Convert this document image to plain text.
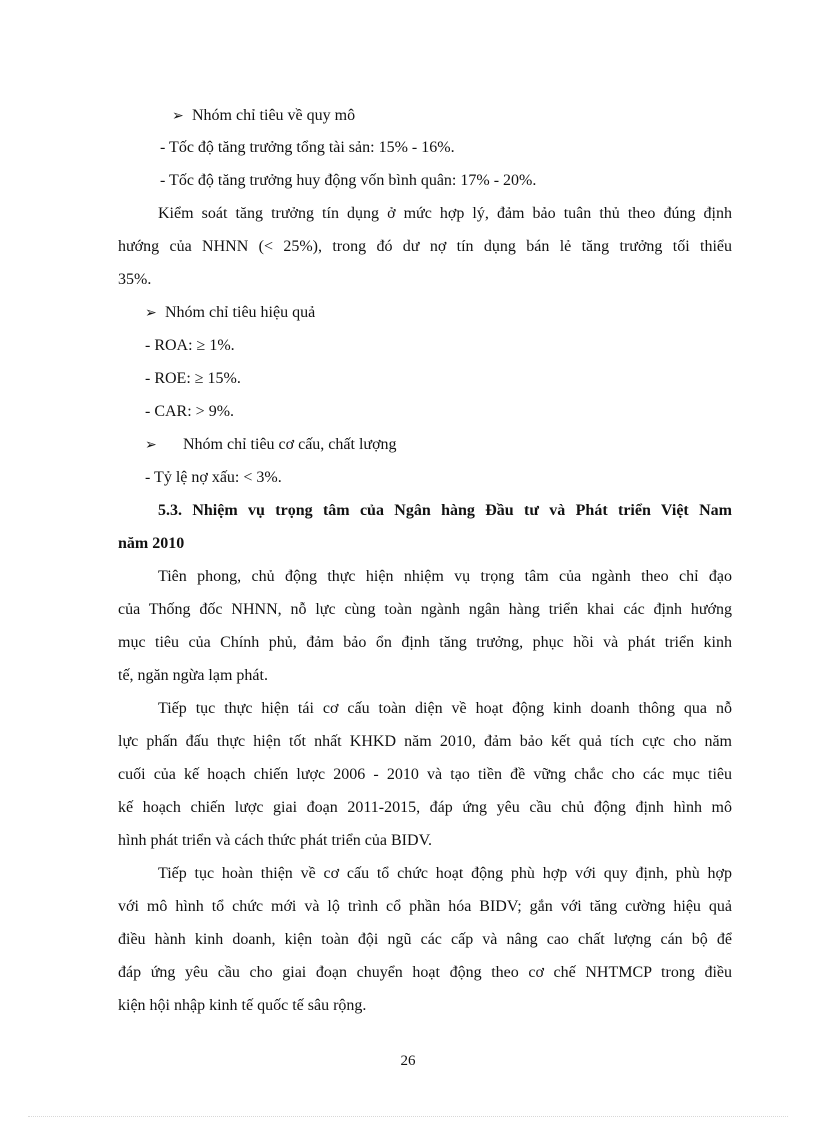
➢ Nhóm chỉ tiêu về quy mô
- Tốc độ tăng trưởng tổng tài sản: 15% - 16%.
- Tốc độ tăng trưởng huy động vốn bình quân: 17% - 20%.
Kiểm soát tăng trưởng tín dụng ở mức hợp lý, đảm bảo tuân thủ theo đúng định
hướng của NHNN (< 25%), trong đó dư nợ tín dụng bán lẻ tăng trưởng tối thiểu
35%.
➢ Nhóm chỉ tiêu hiệu quả
- ROA: ≥ 1%.
- ROE: ≥ 15%.
- CAR: > 9%.
➢ Nhóm chỉ tiêu cơ cấu, chất lượng
- Tỷ lệ nợ xấu: < 3%.
5.3. Nhiệm vụ trọng tâm của Ngân hàng Đầu tư và Phát triển Việt Nam
năm 2010
Tiên phong, chủ động thực hiện nhiệm vụ trọng tâm của ngành theo chỉ đạo
của Thống đốc NHNN, nỗ lực cùng toàn ngành ngân hàng triển khai các định hướng
mục tiêu của Chính phủ, đảm bảo ổn định tăng trưởng, phục hồi và phát triển kinh
tế, ngăn ngừa lạm phát.
Tiếp tục thực hiện tái cơ cấu toàn diện về hoạt động kinh doanh thông qua nỗ
lực phấn đấu thực hiện tốt nhất KHKD năm 2010, đảm bảo kết quả tích cực cho năm
cuối của kế hoạch chiến lược 2006 - 2010 và tạo tiền đề vững chắc cho các mục tiêu
kế hoạch chiến lược giai đoạn 2011-2015, đáp ứng yêu cầu chủ động định hình mô
hình phát triển và cách thức phát triển của BIDV.
Tiếp tục hoàn thiện về cơ cấu tổ chức hoạt động phù hợp với quy định, phù hợp
với mô hình tổ chức mới và lộ trình cổ phần hóa BIDV; gắn với tăng cường hiệu quả
điều hành kinh doanh, kiện toàn đội ngũ các cấp và nâng cao chất lượng cán bộ để
đáp ứng yêu cầu cho giai đoạn chuyển hoạt động theo cơ chế NHTMCP trong điều
kiện hội nhập kinh tế quốc tế sâu rộng.
26
